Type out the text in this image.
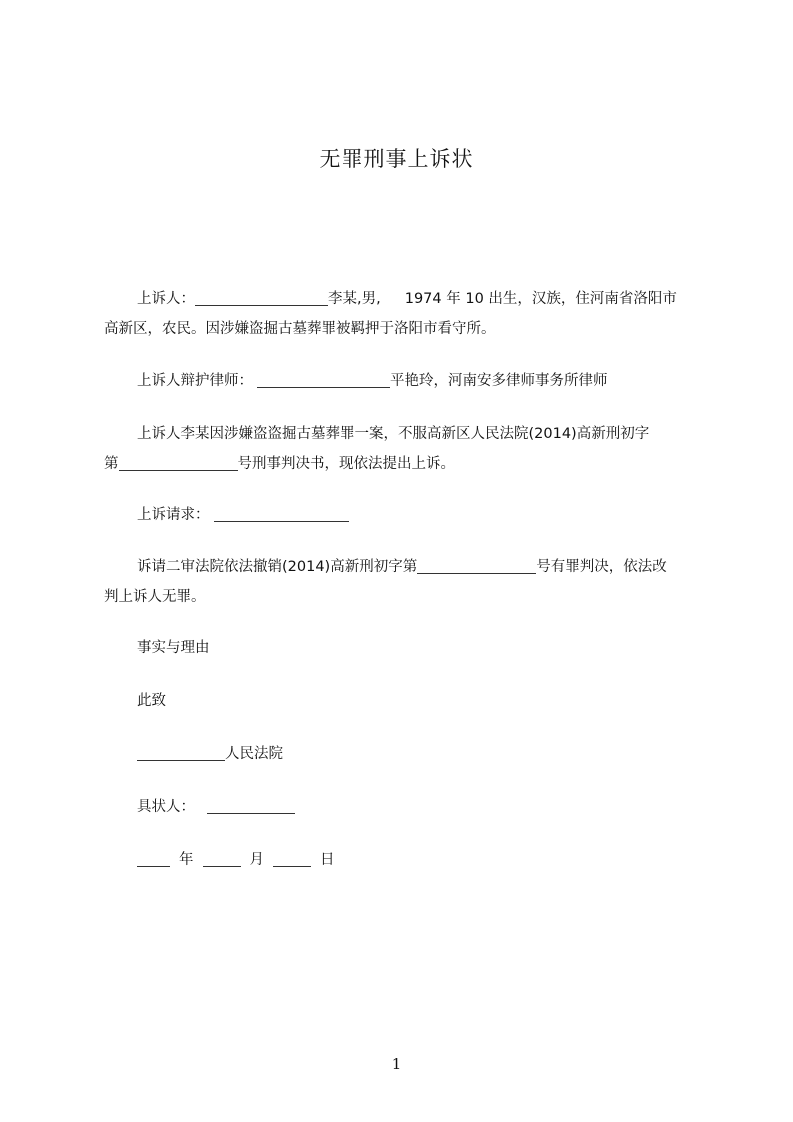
无罪刑事上诉状
上诉人：	李某,男, 1974 年 10 出生，汉族，住河南省洛阳市
高新区，农民。因涉嫌盗掘古墓葬罪被羁押于洛阳市看守所。
上诉人辩护律师：	平艳玲，河南安多律师事务所律师
上诉人李某因涉嫌盗盗掘古墓葬罪一案，不服高新区人民法院(2014)高新刑初字
第	号刑事判决书，现依法提出上诉。
上诉请求：
诉请二审法院依法撤销(2014)高新刑初字第	号有罪判决，依法改
判上诉人无罪。
事实与理由
此致
人民法院
具状人：
年	月	日
1
